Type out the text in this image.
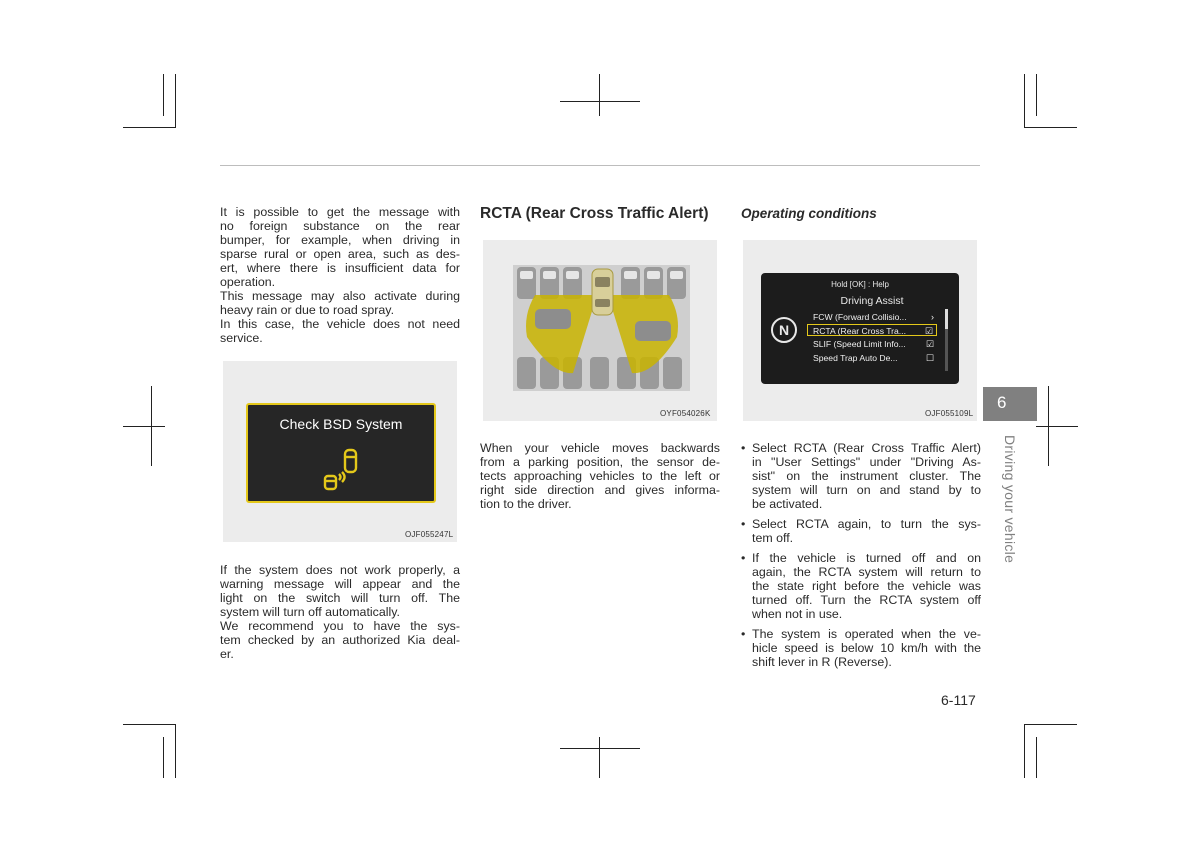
It is possible to get the message with
no foreign substance on the rear
bumper, for example, when driving in
sparse rural or open area, such as des-
ert, where there is insufficient data for
operation.
This message may also activate during
heavy rain or due to road spray.
In this case, the vehicle does not need
service.
Check BSD System
OJF055247L
If the system does not work properly, a
warning message will appear and the
light on the switch will turn off. The
system will turn off automatically.
We recommend you to have the sys-
tem checked by an authorized Kia deal-
er.
RCTA (Rear Cross Traffic Alert)
OYF054026K
When your vehicle moves backwards
from a parking position, the sensor de-
tects approaching vehicles to the left or
right side direction and gives informa-
tion to the driver.
Operating conditions
Hold [OK] : Help
Driving Assist
N
FCW (Forward Collisio...	›
RCTA (Rear Cross Tra... ☑
SLIF (Speed Limit Info... ☑
Speed Trap Auto De...	☐
OJF055109L
• Select RCTA (Rear Cross Traffic Alert)
in "User Settings" under "Driving As-
sist" on the instrument cluster. The
system will turn on and stand by to
be activated.
• Select RCTA again, to turn the sys-
tem off.
• If the vehicle is turned off and on
again, the RCTA system will return to
the state right before the vehicle was
turned off. Turn the RCTA system off
when not in use.
• The system is operated when the ve-
hicle speed is below 10 km/h with the
shift lever in R (Reverse).
6
Driving your vehicle
6-117
